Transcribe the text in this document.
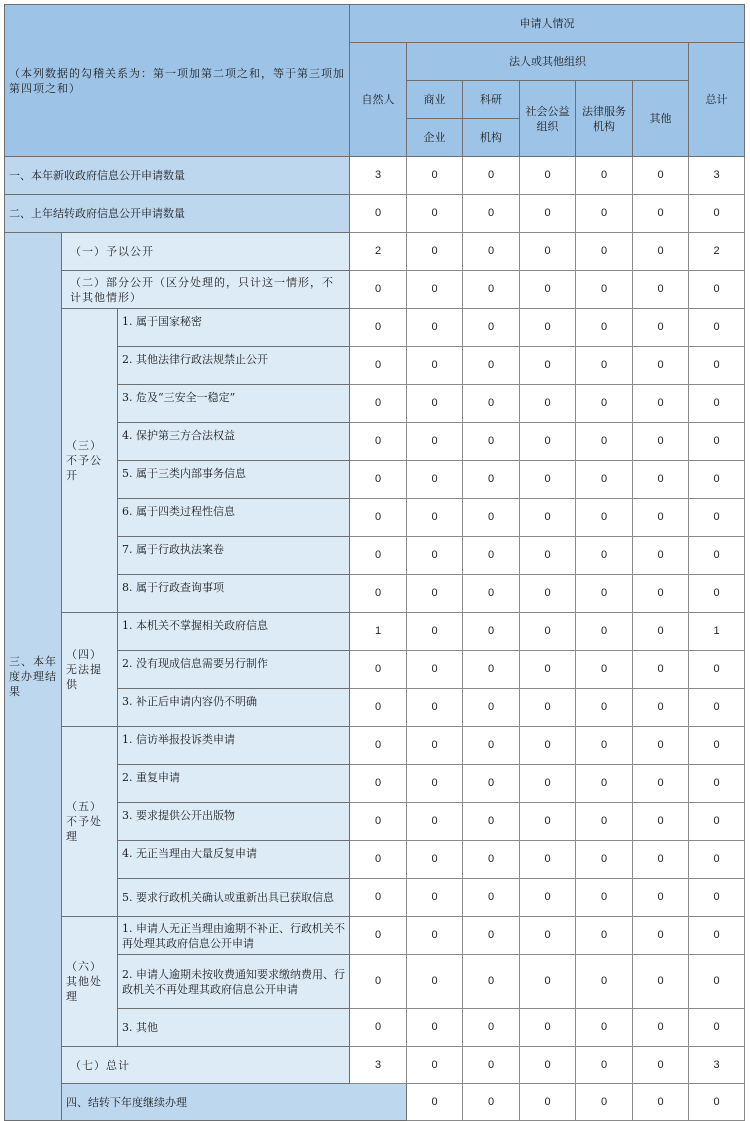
（本列数据的勾稽关系为：第一项加第二项之和，等于第三项加第四项之和）			申请人情况							
			自然人	法人或其他组织					总计	
				商业	科研	社会公益组织	法律服务机构	其他		
				企业	机构					
一、本年新收政府信息公开申请数量			3	0	0	0	0	0	3	
二、上年结转政府信息公开申请数量			0	0	0	0	0	0	0	
三、本年度办理结果	（一）予以公开		2	0	0	0	0	0	2	
	（二）部分公开（区分处理的，只计这一情形，不计其他情形）		0	0	0	0	0	0	0	
	（三）不予公开	1. 属于国家秘密	0	0	0	0	0	0	0	
		2. 其他法律行政法规禁止公开	0	0	0	0	0	0	0	
		3. 危及“三安全一稳定”	0	0	0	0	0	0	0	
		4. 保护第三方合法权益	0	0	0	0	0	0	0	
		5. 属于三类内部事务信息	0	0	0	0	0	0	0	
		6. 属于四类过程性信息	0	0	0	0	0	0	0	
		7. 属于行政执法案卷	0	0	0	0	0	0	0	
		8. 属于行政查询事项	0	0	0	0	0	0	0	
	（四）无法提供	1. 本机关不掌握相关政府信息	1	0	0	0	0	0	1	
		2. 没有现成信息需要另行制作	0	0	0	0	0	0	0	
		3. 补正后申请内容仍不明确	0	0	0	0	0	0	0	
	（五）不予处理	1. 信访举报投诉类申请	0	0	0	0	0	0	0	
		2. 重复申请	0	0	0	0	0	0	0	
		3. 要求提供公开出版物	0	0	0	0	0	0	0	
		4. 无正当理由大量反复申请	0	0	0	0	0	0	0	
		5. 要求行政机关确认或重新出具已获取信息	0	0	0	0	0	0	0	
	（六）其他处理	1. 申请人无正当理由逾期不补正、行政机关不再处理其政府信息公开申请	0	0	0	0	0	0	0	
		2. 申请人逾期未按收费通知要求缴纳费用、行政机关不再处理其政府信息公开申请	0	0	0	0	0	0	0	
		3. 其他	0	0	0	0	0	0	0	
	（七）总计		3	0	0	0	0	0	3	
	四、结转下年度继续办理			0	0	0	0	0	0	
